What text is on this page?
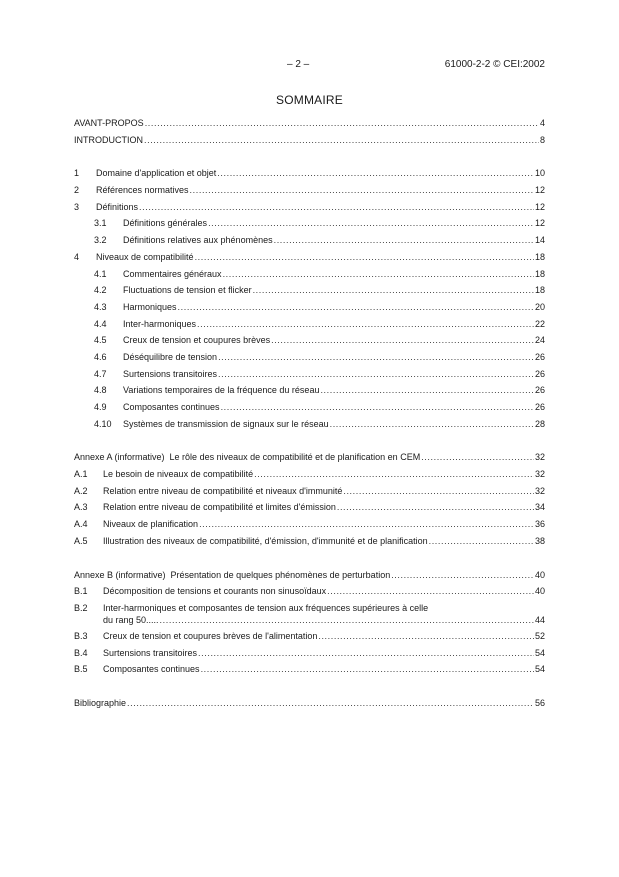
– 2 –	61000-2-2 © CEI:2002
SOMMAIRE
AVANT-PROPOS .....	4
INTRODUCTION .....	8
1	Domaine d'application et objet .....	10
2	Références normatives .....	12
3	Définitions .....	12
3.1	Définitions générales .....	12
3.2	Définitions relatives aux phénomènes .....	14
4	Niveaux de compatibilité .....	18
4.1	Commentaires généraux .....	18
4.2	Fluctuations de tension et flicker .....	18
4.3	Harmoniques .....	20
4.4	Inter-harmoniques .....	22
4.5	Creux de tension et coupures brèves .....	24
4.6	Déséquilibre de tension .....	26
4.7	Surtensions transitoires .....	26
4.8	Variations temporaires de la fréquence du réseau .....	26
4.9	Composantes continues .....	26
4.10	Systèmes de transmission de signaux sur le réseau .....	28
Annexe A (informative)  Le rôle des niveaux de compatibilité et de planification en CEM .....	32
A.1	Le besoin de niveaux de compatibilité .....	32
A.2	Relation entre niveau de compatibilité et niveaux d'immunité .....	32
A.3	Relation entre niveau de compatibilité et limites d'émission .....	34
A.4	Niveaux de planification .....	36
A.5	Illustration des niveaux de compatibilité, d'émission, d'immunité et de planification .....	38
Annexe B (informative)  Présentation de quelques phénomènes de perturbation .....	40
B.1	Décomposition de tensions et courants non sinusoïdaux .....	40
B.2 Inter-harmoniques et composantes de tension aux fréquences supérieures à celle
du rang 50..... .....	44
B.3	Creux de tension et coupures brèves de l'alimentation .....	52
B.4	Surtensions transitoires .....	54
B.5	Composantes continues .....	54
Bibliographie .....	56
